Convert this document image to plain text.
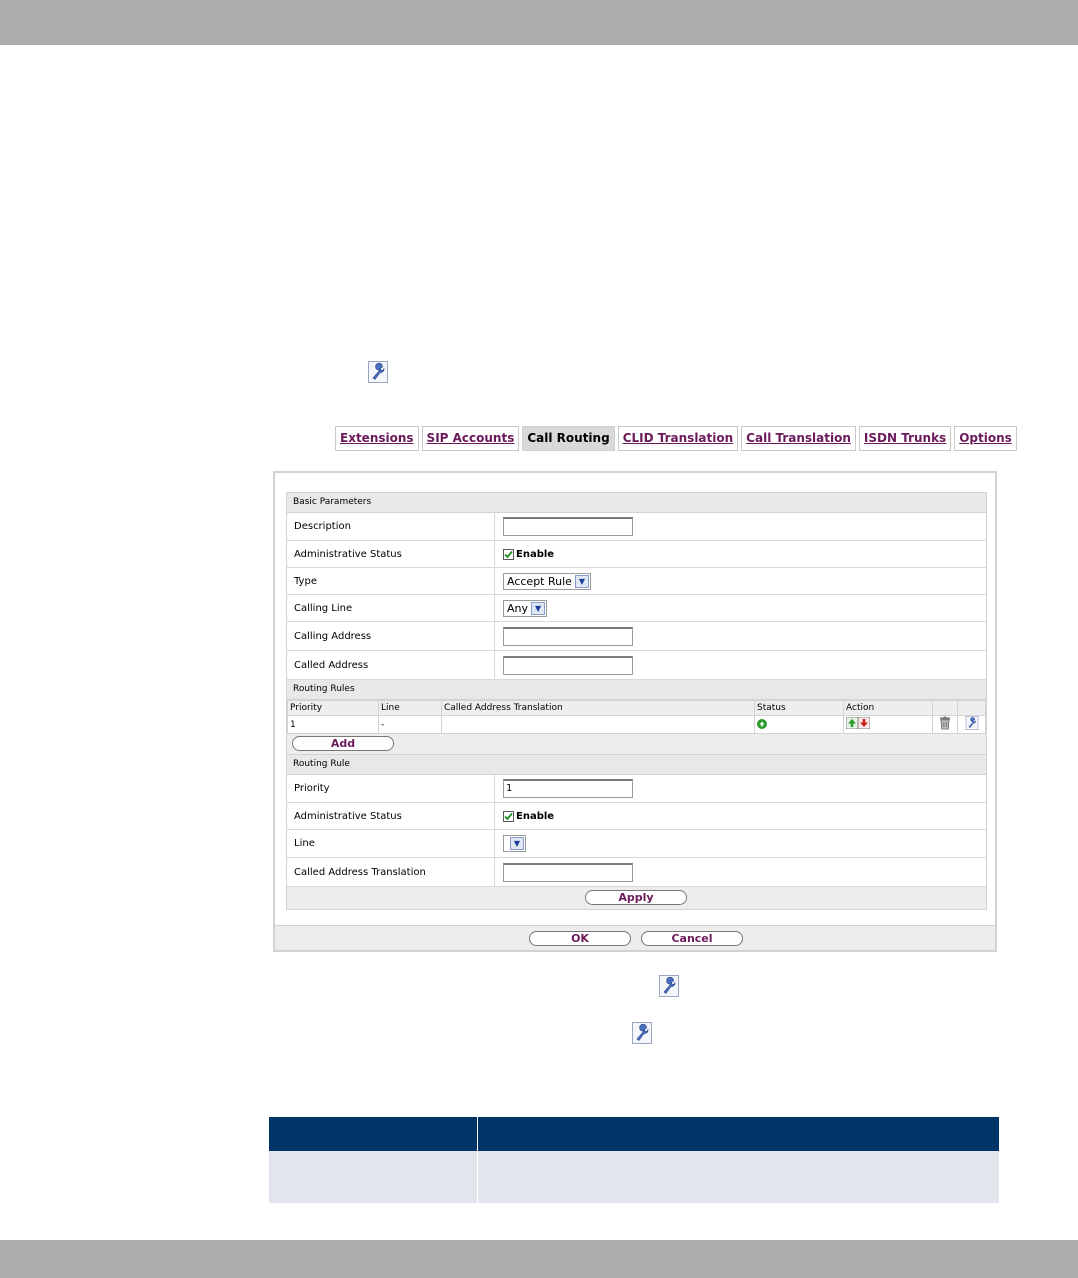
Extensions	SIP Accounts	Call Routing	CLID Translation	Call Translation	ISDN Trunks	Options
Basic Parameters
Description
Administrative Status	Enable
Type	Accept Rule ▼
Calling Line	Any ▼
Calling Address
Called Address
Routing Rules
Priority	Line	Called Address Translation	Status	Action		
1	-		

Add
Routing Rule
Priority	1
Administrative Status	Enable
Line	▼
Called Address Translation
Apply
OK	Cancel
